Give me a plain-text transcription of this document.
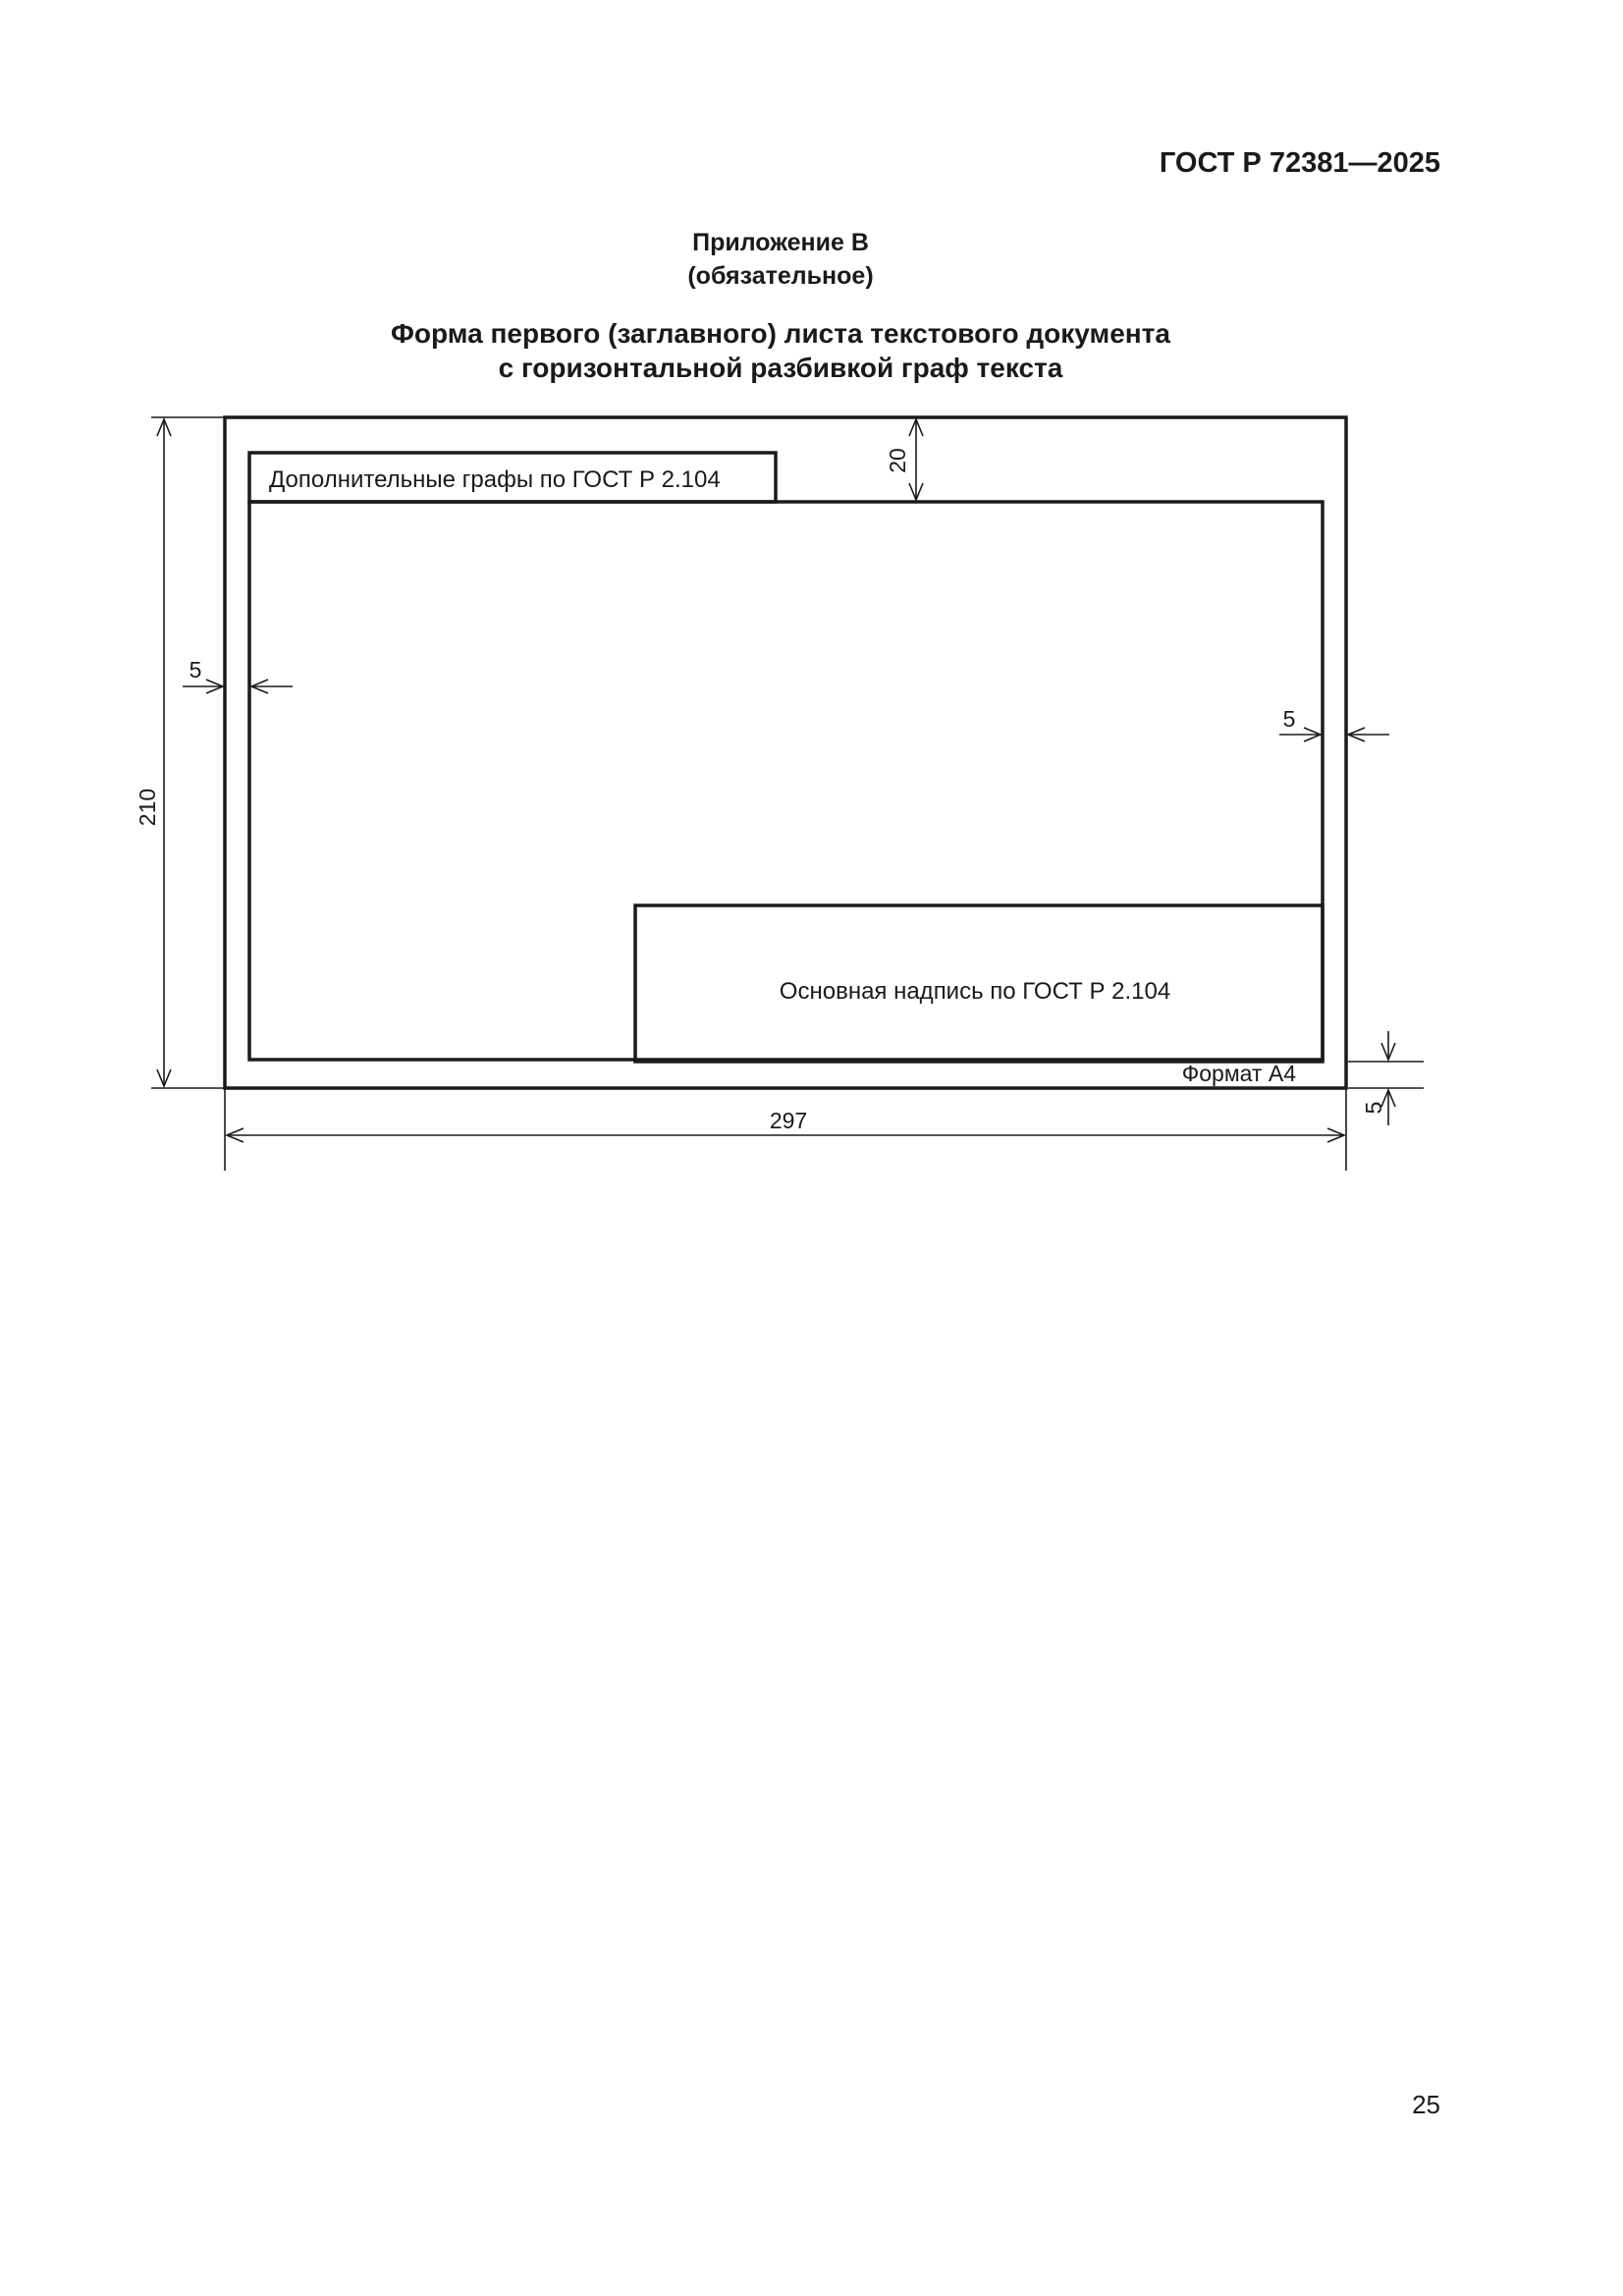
ГОСТ Р 72381—2025
Приложение В
(обязательное)
Форма первого (заглавного) листа текстового документа
с горизонтальной разбивкой граф текста
Дополнительные графы по ГОСТ Р 2.104
Основная надпись по ГОСТ Р 2.104
Формат А4
210
297
20
5
5
5
25
